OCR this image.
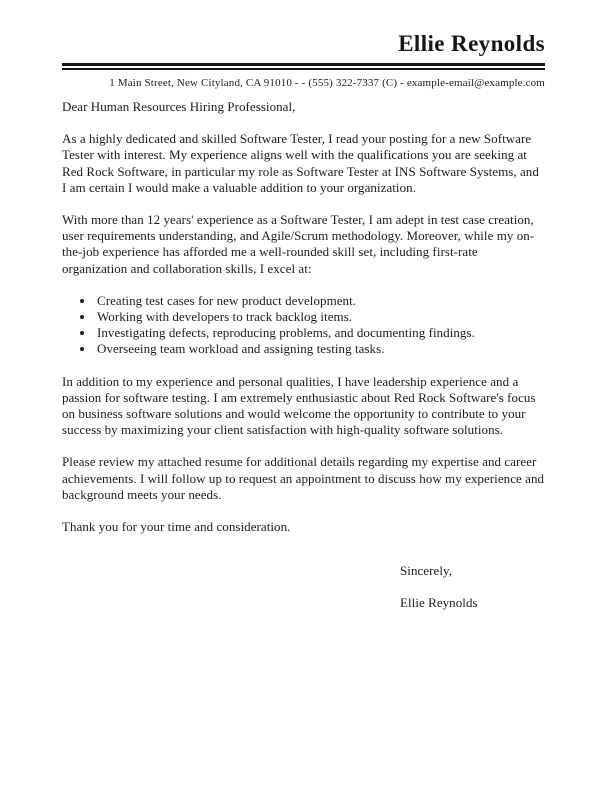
Ellie Reynolds
1 Main Street, New Cityland, CA 91010 - - (555) 322-7337 (C) - example-email@example.com

Dear Human Resources Hiring Professional,

As a highly dedicated and skilled Software Tester, I read your posting for a new Software Tester with interest. My experience aligns well with the qualifications you are seeking at Red Rock Software, in particular my role as Software Tester at INS Software Systems, and I am certain I would make a valuable addition to your organization.

With more than 12 years' experience as a Software Tester, I am adept in test case creation, user requirements understanding, and Agile/Scrum methodology. Moreover, while my on-the-job experience has afforded me a well-rounded skill set, including first-rate organization and collaboration skills, I excel at:

• Creating test cases for new product development.
• Working with developers to track backlog items.
• Investigating defects, reproducing problems, and documenting findings.
• Overseeing team workload and assigning testing tasks.

In addition to my experience and personal qualities, I have leadership experience and a passion for software testing. I am extremely enthusiastic about Red Rock Software's focus on business software solutions and would welcome the opportunity to contribute to your success by maximizing your client satisfaction with high-quality software solutions.

Please review my attached resume for additional details regarding my expertise and career achievements. I will follow up to request an appointment to discuss how my experience and background meets your needs.

Thank you for your time and consideration.

Sincerely,

Ellie Reynolds
